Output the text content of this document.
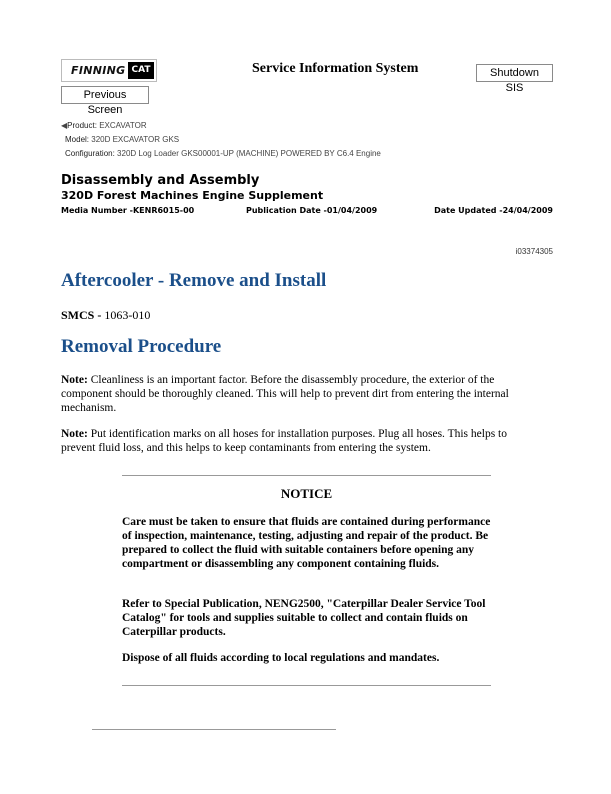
FINNING CAT	Service Information System	Shutdown SIS
Previous Screen
◀Product: EXCAVATOR
Model: 320D EXCAVATOR GKS
Configuration: 320D Log Loader GKS00001-UP (MACHINE) POWERED BY C6.4 Engine
Disassembly and Assembly
320D Forest Machines Engine Supplement
Media Number -KENR6015-00	Publication Date -01/04/2009	Date Updated -24/04/2009
i03374305
Aftercooler - Remove and Install
SMCS - 1063-010
Removal Procedure

Note: Cleanliness is an important factor. Before the disassembly procedure, the exterior of the component should be thoroughly cleaned. This will help to prevent dirt from entering the internal mechanism.

Note: Put identification marks on all hoses for installation purposes. Plug all hoses. This helps to prevent fluid loss, and this helps to keep contaminants from entering the system.

NOTICE

Care must be taken to ensure that fluids are contained during performance of inspection, maintenance, testing, adjusting and repair of the product. Be prepared to collect the fluid with suitable containers before opening any compartment or disassembling any component containing fluids.

Refer to Special Publication, NENG2500, "Caterpillar Dealer Service Tool Catalog" for tools and supplies suitable to collect and contain fluids on Caterpillar products.

Dispose of all fluids according to local regulations and mandates.
